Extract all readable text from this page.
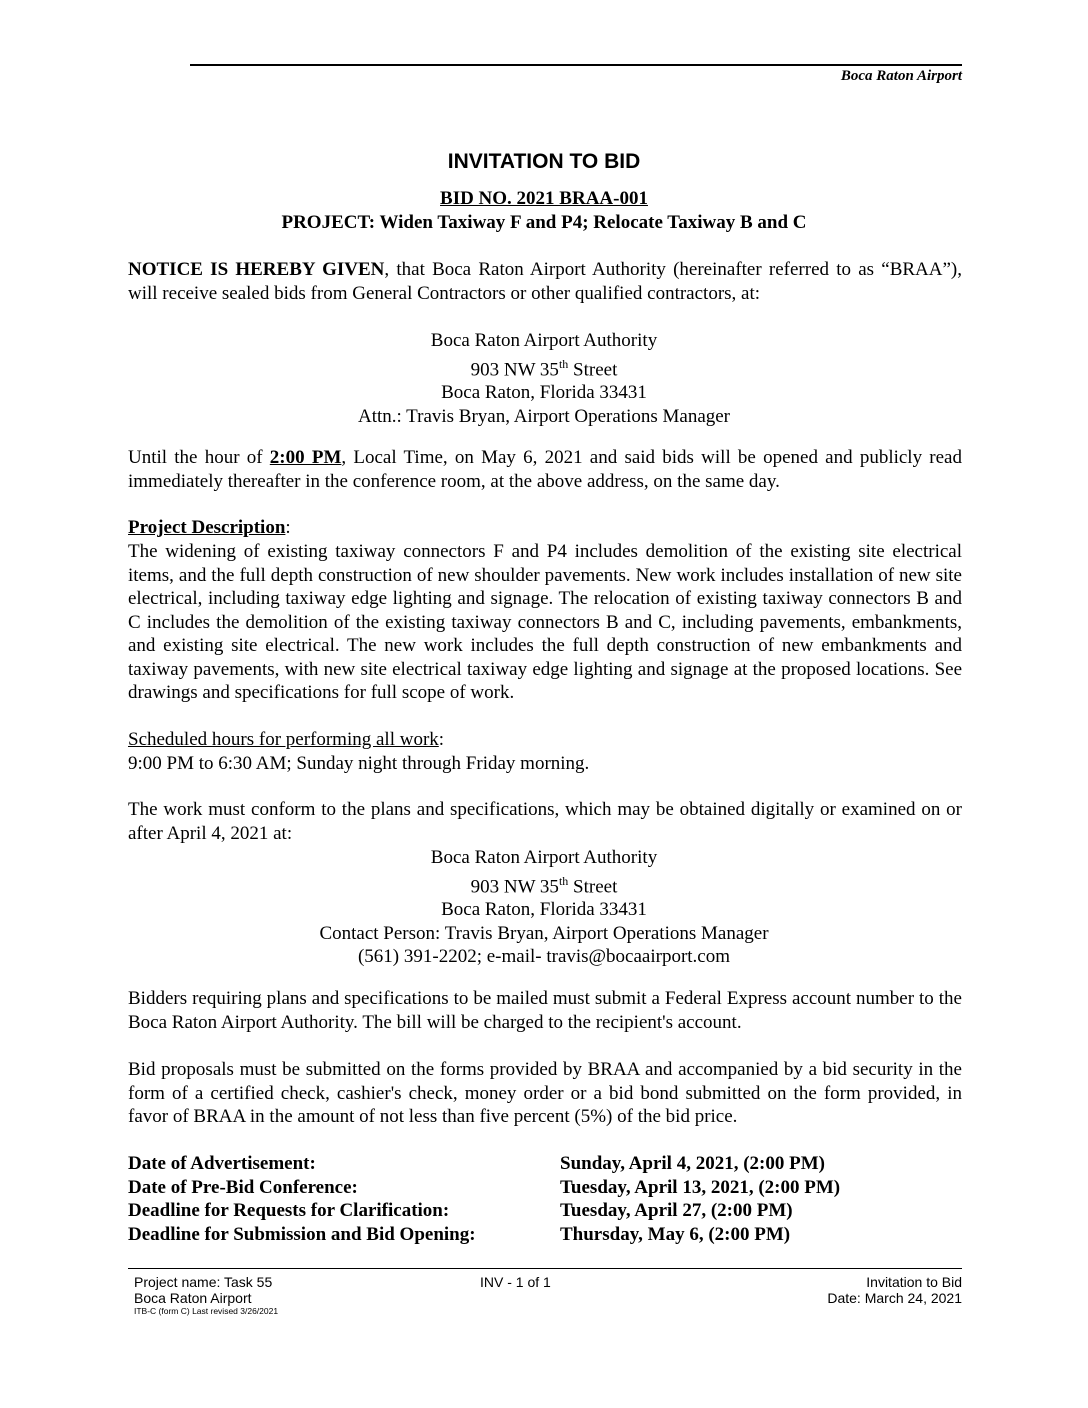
Boca Raton Airport
INVITATION TO BID
BID NO. 2021 BRAA-001
PROJECT: Widen Taxiway F and P4; Relocate Taxiway B and C
NOTICE IS HEREBY GIVEN, that Boca Raton Airport Authority (hereinafter referred to as “BRAA”), will receive sealed bids from General Contractors or other qualified contractors, at:
Boca Raton Airport Authority
903 NW 35th Street
Boca Raton, Florida 33431
Attn.: Travis Bryan, Airport Operations Manager
Until the hour of 2:00 PM, Local Time, on May 6, 2021 and said bids will be opened and publicly read immediately thereafter in the conference room, at the above address, on the same day.
Project Description:
The widening of existing taxiway connectors F and P4 includes demolition of the existing site electrical items, and the full depth construction of new shoulder pavements. New work includes installation of new site electrical, including taxiway edge lighting and signage. The relocation of existing taxiway connectors B and C includes the demolition of the existing taxiway connectors B and C, including pavements, embankments, and existing site electrical. The new work includes the full depth construction of new embankments and taxiway pavements, with new site electrical taxiway edge lighting and signage at the proposed locations. See drawings and specifications for full scope of work.
Scheduled hours for performing all work:
9:00 PM to 6:30 AM; Sunday night through Friday morning.
The work must conform to the plans and specifications, which may be obtained digitally or examined on or after April 4, 2021 at:
Boca Raton Airport Authority
903 NW 35th Street
Boca Raton, Florida 33431
Contact Person: Travis Bryan, Airport Operations Manager
(561) 391-2202; e-mail- travis@bocaairport.com
Bidders requiring plans and specifications to be mailed must submit a Federal Express account number to the Boca Raton Airport Authority. The bill will be charged to the recipient's account.
Bid proposals must be submitted on the forms provided by BRAA and accompanied by a bid security in the form of a certified check, cashier's check, money order or a bid bond submitted on the form provided, in favor of BRAA in the amount of not less than five percent (5%) of the bid price.
Date of Advertisement:	Sunday, April 4, 2021, (2:00 PM)
Date of Pre-Bid Conference:	Tuesday, April 13, 2021, (2:00 PM)
Deadline for Requests for Clarification:	Tuesday, April 27, (2:00 PM)
Deadline for Submission and Bid Opening:	Thursday, May 6, (2:00 PM)
Project name: Task 55
Boca Raton Airport
ITB-C (form C) Last revised 3/26/2021
INV - 1 of 1	Invitation to Bid
Date: March 24, 2021
